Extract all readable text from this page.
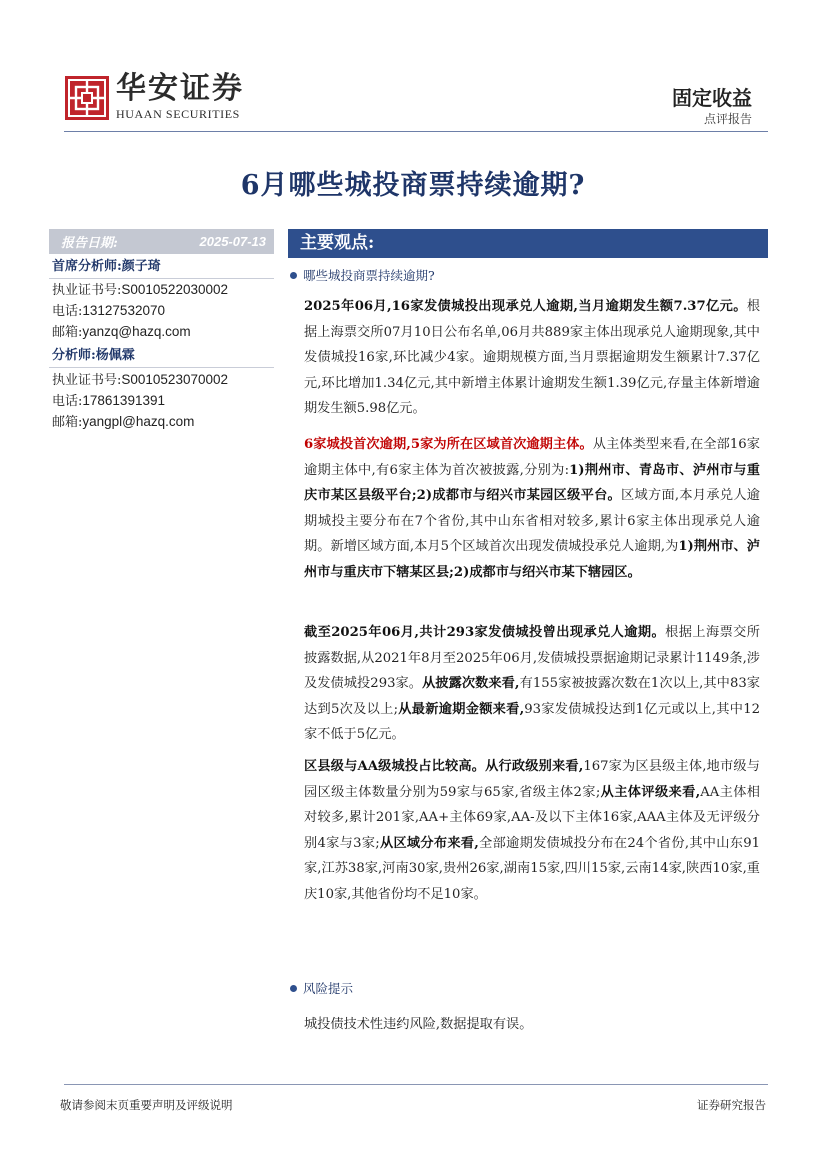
华安证券
HUAAN SECURITIES
固定收益
点评报告
6月哪些城投商票持续逾期?
报告日期:	2025-07-13
首席分析师:颜子琦
执业证书号:S0010522030002
电话:13127532070
邮箱:yanzq@hazq.com
分析师:杨佩霖
执业证书号:S0010523070002
电话:17861391391
邮箱:yangpl@hazq.com
主要观点:
哪些城投商票持续逾期?
2025年06月,16家发债城投出现承兑人逾期,当月逾期发生额7.37亿元。根据上海票交所07月10日公布名单,06月共889家主体出现承兑人逾期现象,其中发债城投16家,环比减少4家。逾期规模方面,当月票据逾期发生额累计7.37亿元,环比增加1.34亿元,其中新增主体累计逾期发生额1.39亿元,存量主体新增逾期发生额5.98亿元。
6家城投首次逾期,5家为所在区域首次逾期主体。从主体类型来看,在全部16家逾期主体中,有6家主体为首次被披露,分别为:1)荆州市、青岛市、泸州市与重庆市某区县级平台;2)成都市与绍兴市某园区级平台。区域方面,本月承兑人逾期城投主要分布在7个省份,其中山东省相对较多,累计6家主体出现承兑人逾期。新增区域方面,本月5个区域首次出现发债城投承兑人逾期,为1)荆州市、泸州市与重庆市下辖某区县;2)成都市与绍兴市某下辖园区。
截至2025年06月,共计293家发债城投曾出现承兑人逾期。根据上海票交所披露数据,从2021年8月至2025年06月,发债城投票据逾期记录累计1149条,涉及发债城投293家。从披露次数来看,有155家被披露次数在1次以上,其中83家达到5次及以上;从最新逾期金额来看,93家发债城投达到1亿元或以上,其中12家不低于5亿元。
区县级与AA级城投占比较高。从行政级别来看,167家为区县级主体,地市级与园区级主体数量分别为59家与65家,省级主体2家;从主体评级来看,AA主体相对较多,累计201家,AA+主体69家,AA-及以下主体16家,AAA主体及无评级分别4家与3家;从区域分布来看,全部逾期发债城投分布在24个省份,其中山东91家,江苏38家,河南30家,贵州26家,湖南15家,四川15家,云南14家,陕西10家,重庆10家,其他省份均不足10家。
风险提示
城投债技术性违约风险,数据提取有误。
敬请参阅末页重要声明及评级说明	证券研究报告
